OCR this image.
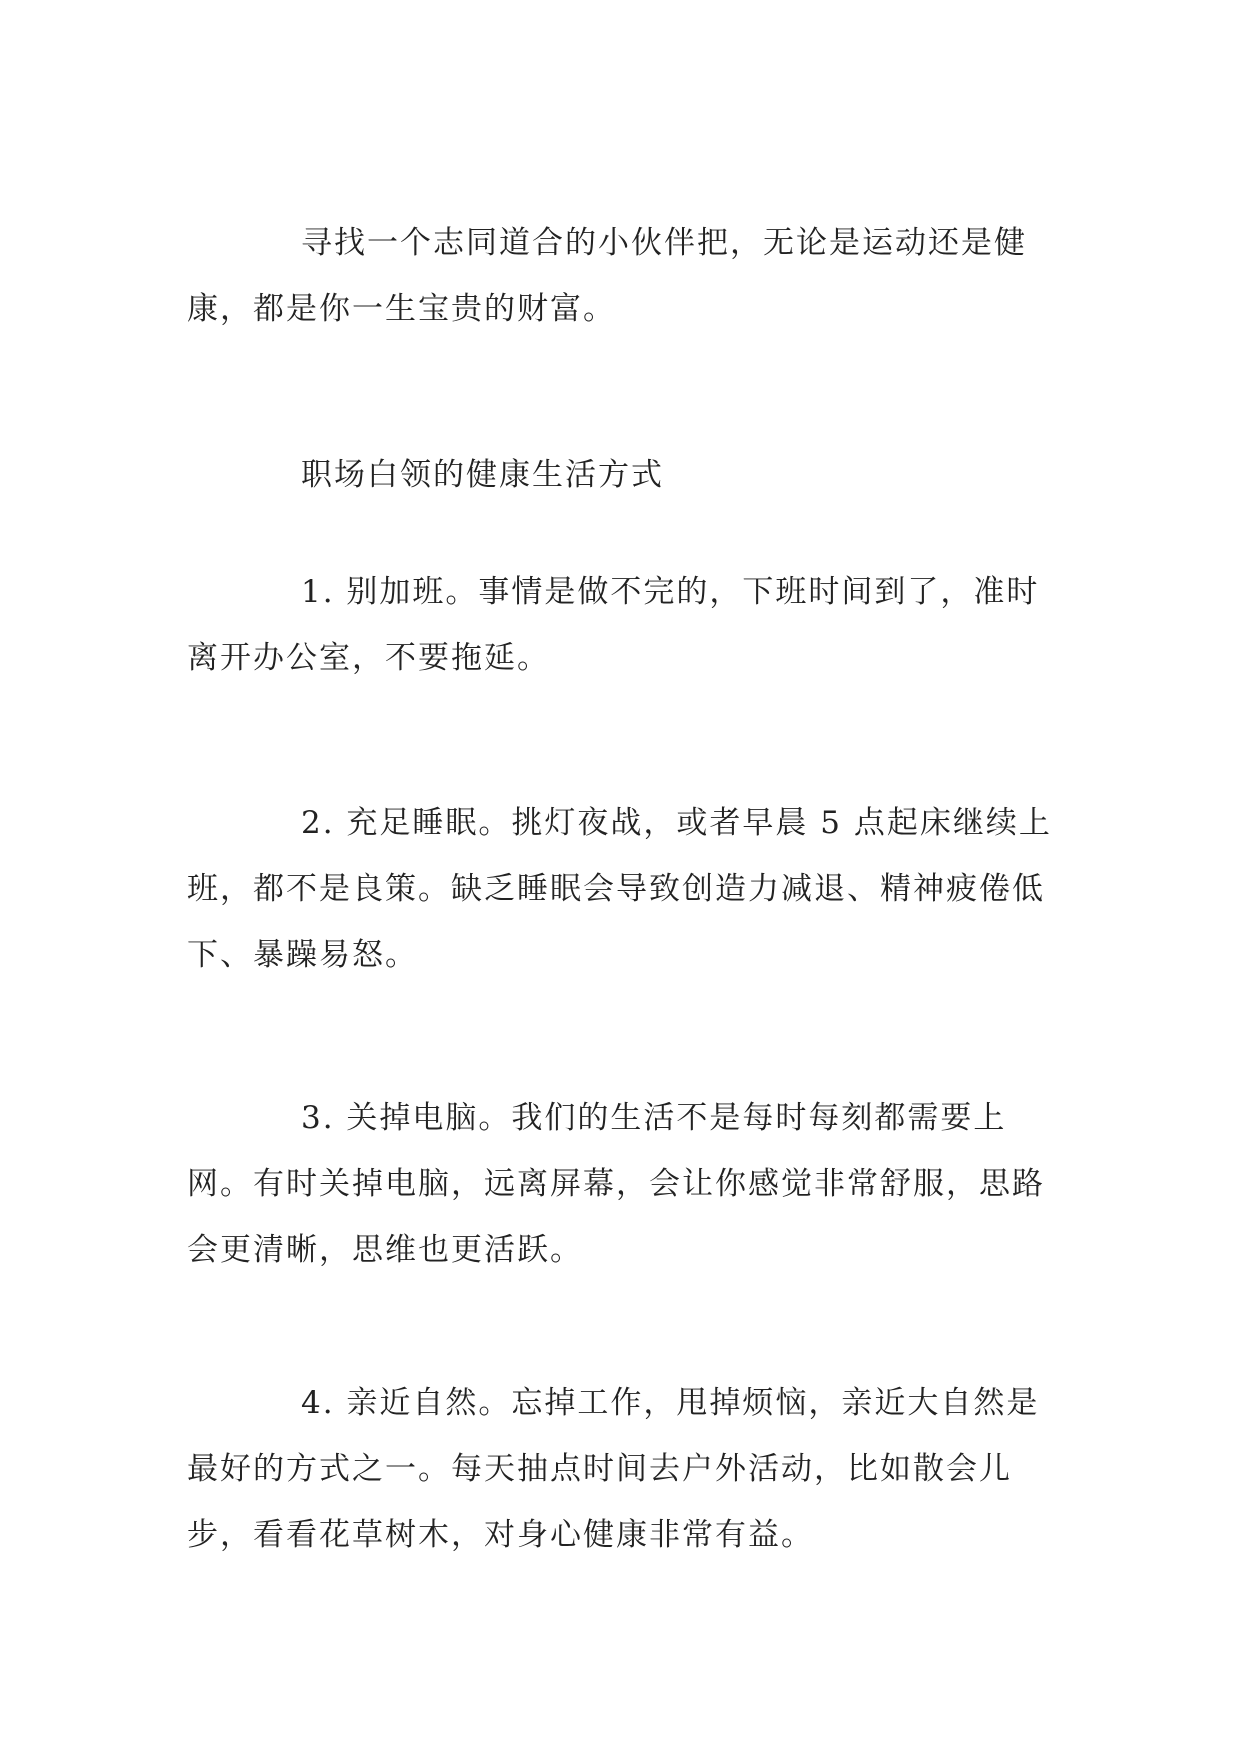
寻找一个志同道合的小伙伴把，无论是运动还是健康，都是你一生宝贵的财富。

职场白领的健康生活方式

1. 别加班。事情是做不完的，下班时间到了，准时离开办公室，不要拖延。

2. 充足睡眠。挑灯夜战，或者早晨 5 点起床继续上班，都不是良策。缺乏睡眠会导致创造力减退、精神疲倦低下、暴躁易怒。

3. 关掉电脑。我们的生活不是每时每刻都需要上网。有时关掉电脑，远离屏幕，会让你感觉非常舒服，思路会更清晰，思维也更活跃。

4. 亲近自然。忘掉工作，甩掉烦恼，亲近大自然是最好的方式之一。每天抽点时间去户外活动，比如散会儿步，看看花草树木，对身心健康非常有益。
